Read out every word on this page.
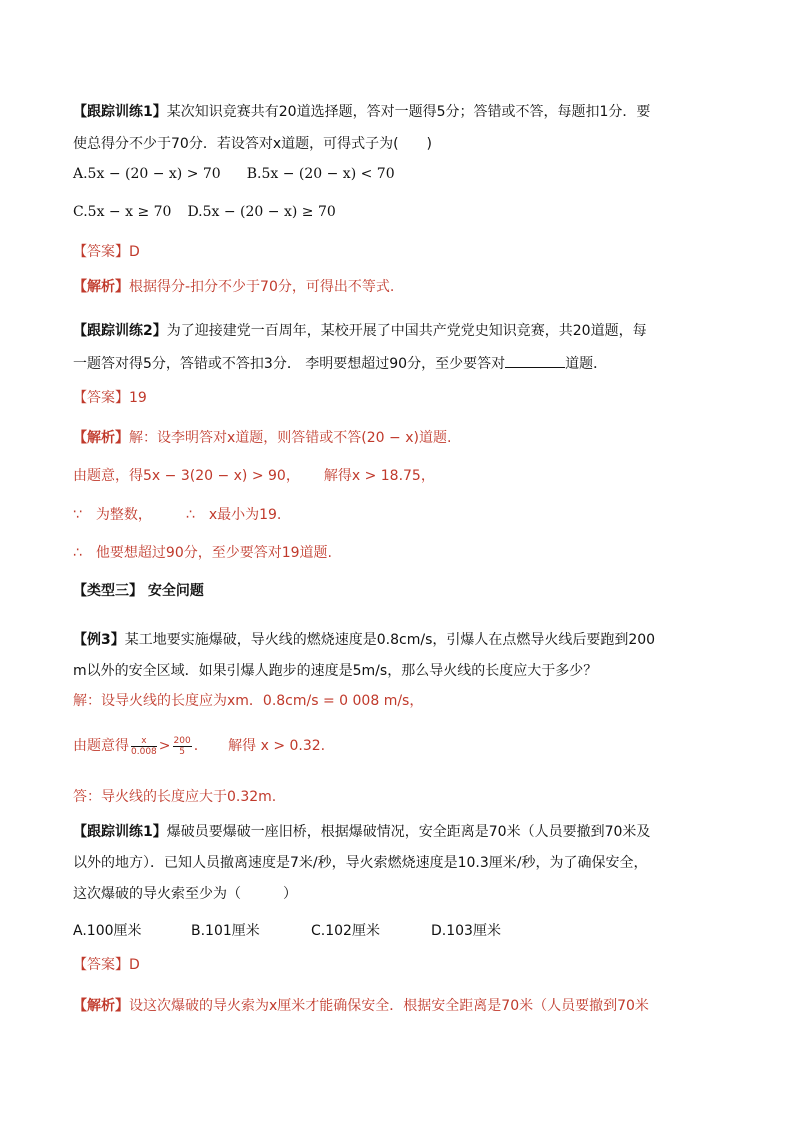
【跟踪训练1】某次知识竞赛共有20道选择题，答对一题得5分；答错或不答，每题扣1分．要
使总得分不少于70分．若设答对x道题，可得式子为(　　)
A.5x − (20 − x) > 70 B.5x − (20 − x) < 70
C.5x − x ≥ 70 D.5x − (20 − x) ≥ 70
【答案】D
【解析】根据得分-扣分不少于70分，可得出不等式.
【跟踪训练2】为了迎接建党一百周年，某校开展了中国共产党党史知识竞赛，共20道题，每
一题答对得5分，答错或不答扣3分． 李明要想超过90分，至少要答对	道题．
【答案】19
【解析】解：设李明答对x道题，则答错或不答(20 − x)道题.
由题意，得5x − 3(20 − x) > 90， 解得x > 18.75，
∵　为整数， ∴　x最小为19.
∴　他要想超过90分，至少要答对19道题.
【类型三】 安全问题
【例3】某工地要实施爆破，导火线的燃烧速度是0.8cm/s，引爆人在点燃导火线后要跑到200
m以外的安全区域．如果引爆人跑步的速度是5m/s，那么导火线的长度应大于多少？
解：设导火线的长度应为xm．0.8cm/s = 0 008 m/s，
由题意得 $\frac{x}{0.008} > \frac{200}{5}$ . 解得 x > 0.32.
答：导火线的长度应大于0.32m.
【跟踪训练1】爆破员要爆破一座旧桥，根据爆破情况，安全距离是70米（人员要撤到70米及
以外的地方）．已知人员撤离速度是7米/秒，导火索燃烧速度是10.3厘米/秒，为了确保安全，
这次爆破的导火索至少为（　　　）
A.100厘米	B.101厘米	C.102厘米	D.103厘米
【答案】D
【解析】设这次爆破的导火索为x厘米才能确保安全．根据安全距离是70米（人员要撤到70米
